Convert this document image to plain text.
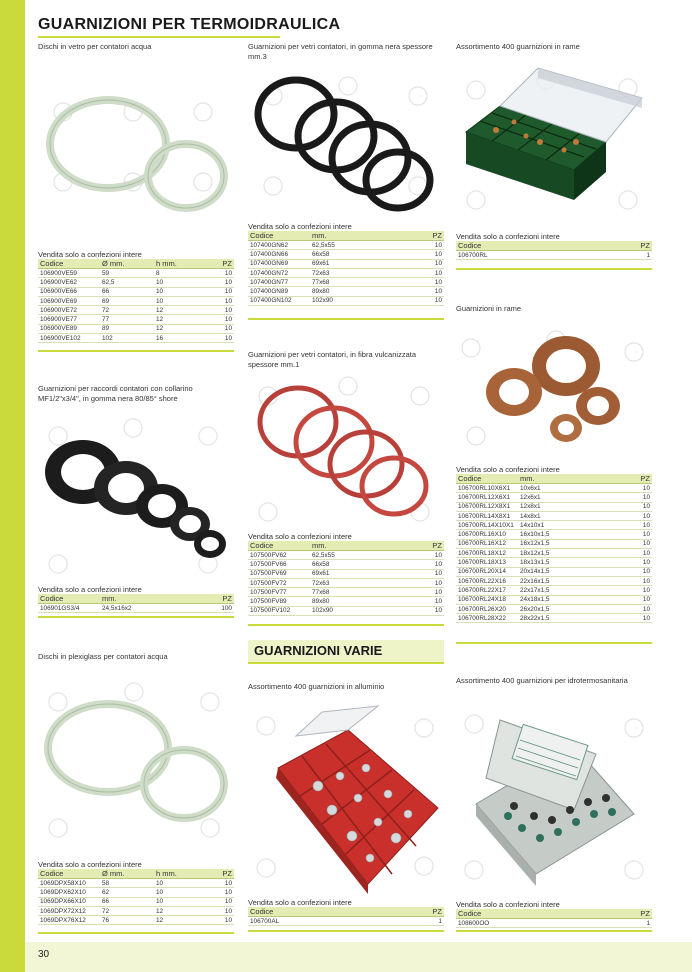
30
GUARNIZIONI PER TERMOIDRAULICA
GUARNIZIONI VARIE
Dischi in vetro per contatori acqua
Vendita solo a confezioni intere
Codice	Ø mm.	h mm.	PZ
106900VE59	59	8	10
106900VE62	62,5	10	10
106900VE66	66	10	10
106900VE69	69	10	10
106900VE72	72	12	10
106900VE77	77	12	10
106900VE89	89	12	10
106900VE102	102	16	10
Guarnizioni per vetri contatori, in gomma nera spessore mm.3
Vendita solo a confezioni intere
Codice	mm.	PZ
107400GN62	62,5x55	10
107400GN66	66x58	10
107400GN69	69x61	10
107400GN72	72x63	10
107400GN77	77x68	10
107400GN89	89x80	10
107400GN102	102x90	10
Assortimento 400 guarnizioni in rame
Vendita solo a confezioni intere
Codice	PZ
106700RL	1
Guarnizioni in rame
Vendita solo a confezioni intere
Codice	mm.	PZ
106700RL10X6X1	10x6x1	10
106700RL12X6X1	12x6x1	10
106700RL12X8X1	12x8x1	10
106700RL14X8X1	14x8x1	10
106700RL14X10X1	14x10x1	10
106700RL16X10	16x10x1,5	10
106700RL16X12	16x12x1,5	10
106700RL18X12	18x12x1,5	10
106700RL18X13	18x13x1,5	10
106700RL20X14	20x14x1,5	10
106700RL22X16	22x16x1,5	10
106700RL22X17	22x17x1,5	10
106700RL24X18	24x18x1,5	10
106700RL26X20	26x20x1,5	10
106700RL28X22	28x22x1,5	10
Guarnizioni per raccordi contatori con collarino MF1/2"x3/4", in gomma nera 80/85° shore
Vendita solo a confezioni intere
Codice	mm.	PZ
106901GS3/4	24,5x16x2	100
Guarnizioni per vetri contatori, in fibra vulcanizzata spessore mm.1
Vendita solo a confezioni intere
Codice	mm.	PZ
107500FV62	62,5x55	10
107500FV66	66x58	10
107500FV69	69x61	10
107500FV72	72x63	10
107500FV77	77x68	10
107500FV89	89x80	10
107500FV102	102x90	10
Dischi in plexiglass per contatori acqua
Vendita solo a confezioni intere
Codice	Ø mm.	h mm.	PZ
1069DPX58X10	58	10	10
1069DPX62X10	62	10	10
1069DPX66X10	66	10	10
1069DPX72X12	72	12	10
1069DPX76X12	76	12	10
Assortimento 400 guarnizioni in alluminio
Vendita solo a confezioni intere
Codice	PZ
106700AL	1
Assortimento 400 guarnizioni per idrotermosanitaria
Vendita solo a confezioni intere
Codice	PZ
108600OO	1
